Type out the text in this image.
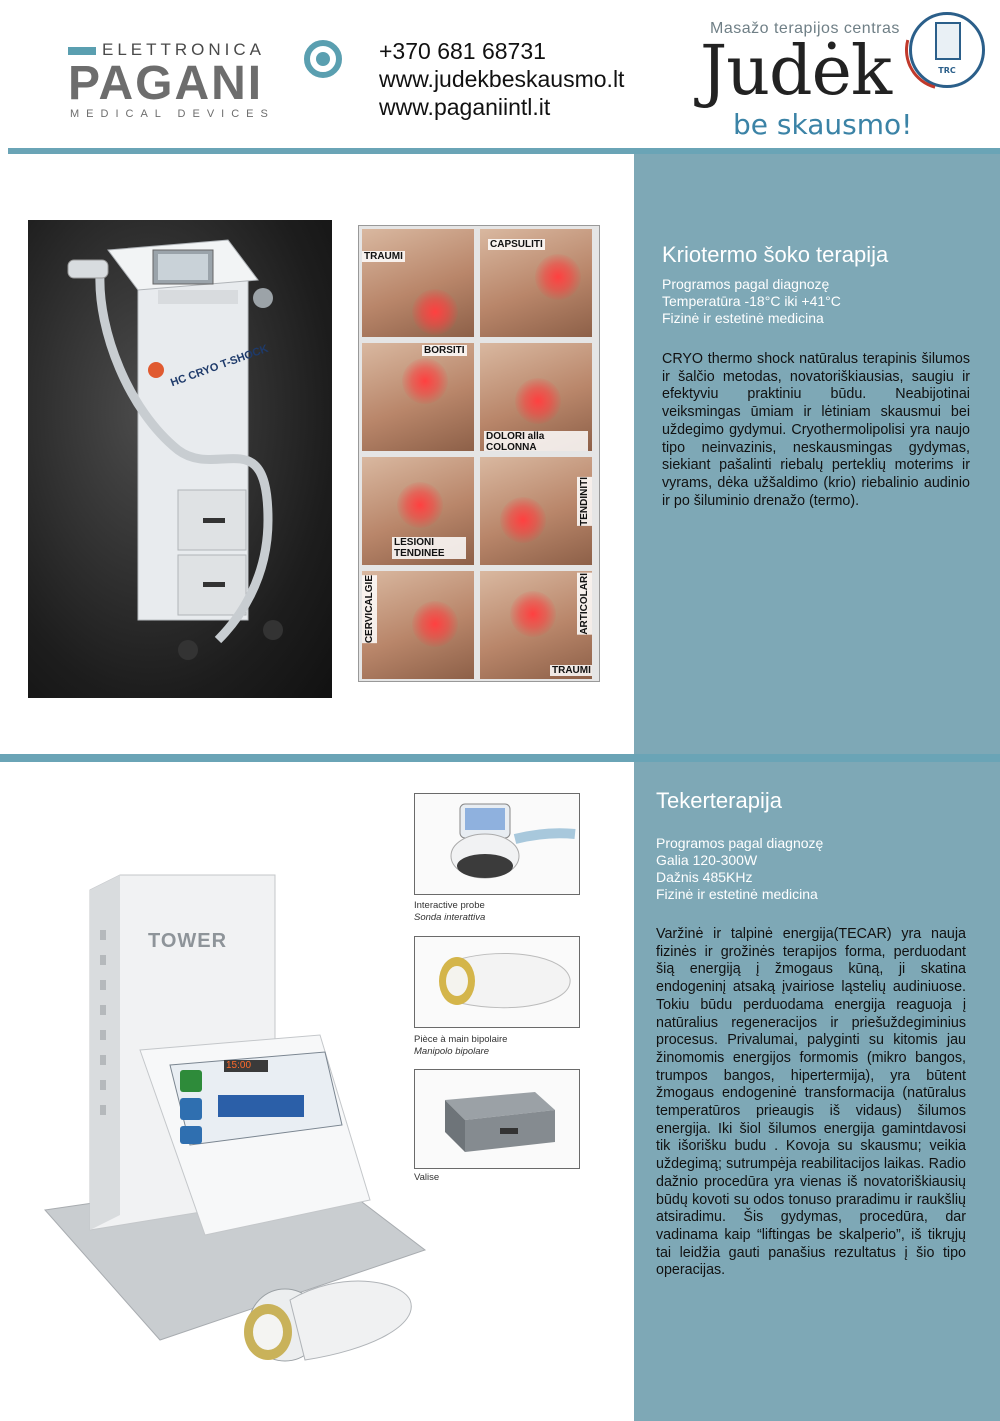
ELETTRONICA
PAGANI
MEDICAL DEVICES
+370 681 68731
www.judekbeskausmo.lt
www.paganiintl.it
Masažo terapijos centras
Judėk
be skausmo!
TRC
HC CRYO T-SHOCK
TRAUMI
CAPSULITI
BORSITI
DOLORI alla COLONNA
LESIONI TENDINEE
TENDINITI
CERVICALGIE	ARTICOLARI
TRAUMI
Kriotermo šoko terapija
Programos pagal diagnozę
Temperatūra -18°C iki +41°C
Fizinė ir estetinė medicina
CRYO thermo shock natūralus terapinis šilumos ir šalčio metodas, novatoriškiausias, saugiu ir efektyviu praktiniu būdu. Neabijotinai veiksmingas ūmiam ir lėtiniam skausmui bei uždegimo gydymui. Cryothermolipolisi yra naujo tipo neinvazinis, neskausmingas gydymas, siekiant pašalinti riebalų perteklių moterims ir vyrams, dėka užšaldimo (krio) riebalinio audinio ir po šiluminio drenažo (termo).
TOWER
15:00
Interactive probe
Sonda interattiva
Pièce à main bipolaire
Manipolo bipolare
Valise
Tekerterapija
Programos pagal diagnozę
Galia 120-300W
Dažnis 485KHz
Fizinė ir estetinė medicina
Varžinė ir talpinė energija(TECAR) yra nauja fizinės ir grožinės terapijos forma, perduodant šią energiją į žmogaus kūną, ji skatina endogeninį atsaką įvairiose ląstelių audiniuose. Tokiu būdu perduodama energija reaguoja į natūralius regeneracijos ir priešuždegiminius procesus. Privalumai, palyginti su kitomis jau žinomomis energijos formomis (mikro bangos, trumpos bangos, hipertermija), yra būtent žmogaus endogeninė transformacija (natūralus temperatūros prieaugis iš vidaus) šilumos energija. Iki šiol šilumos energija gamintdavosi tik išorišku budu . Kovoja su skausmu; veikia uždegimą; sutrumpėja reabilitacijos laikas. Radio dažnio procedūra yra vienas iš novatoriškiausių būdų kovoti su odos tonuso praradimu ir raukšlių atsiradimu. Šis gydymas, procedūra, dar vadinama kaip “liftingas be skalperio”, iš tikrųjų tai leidžia gauti panašius rezultatus į šio tipo operacijas.
